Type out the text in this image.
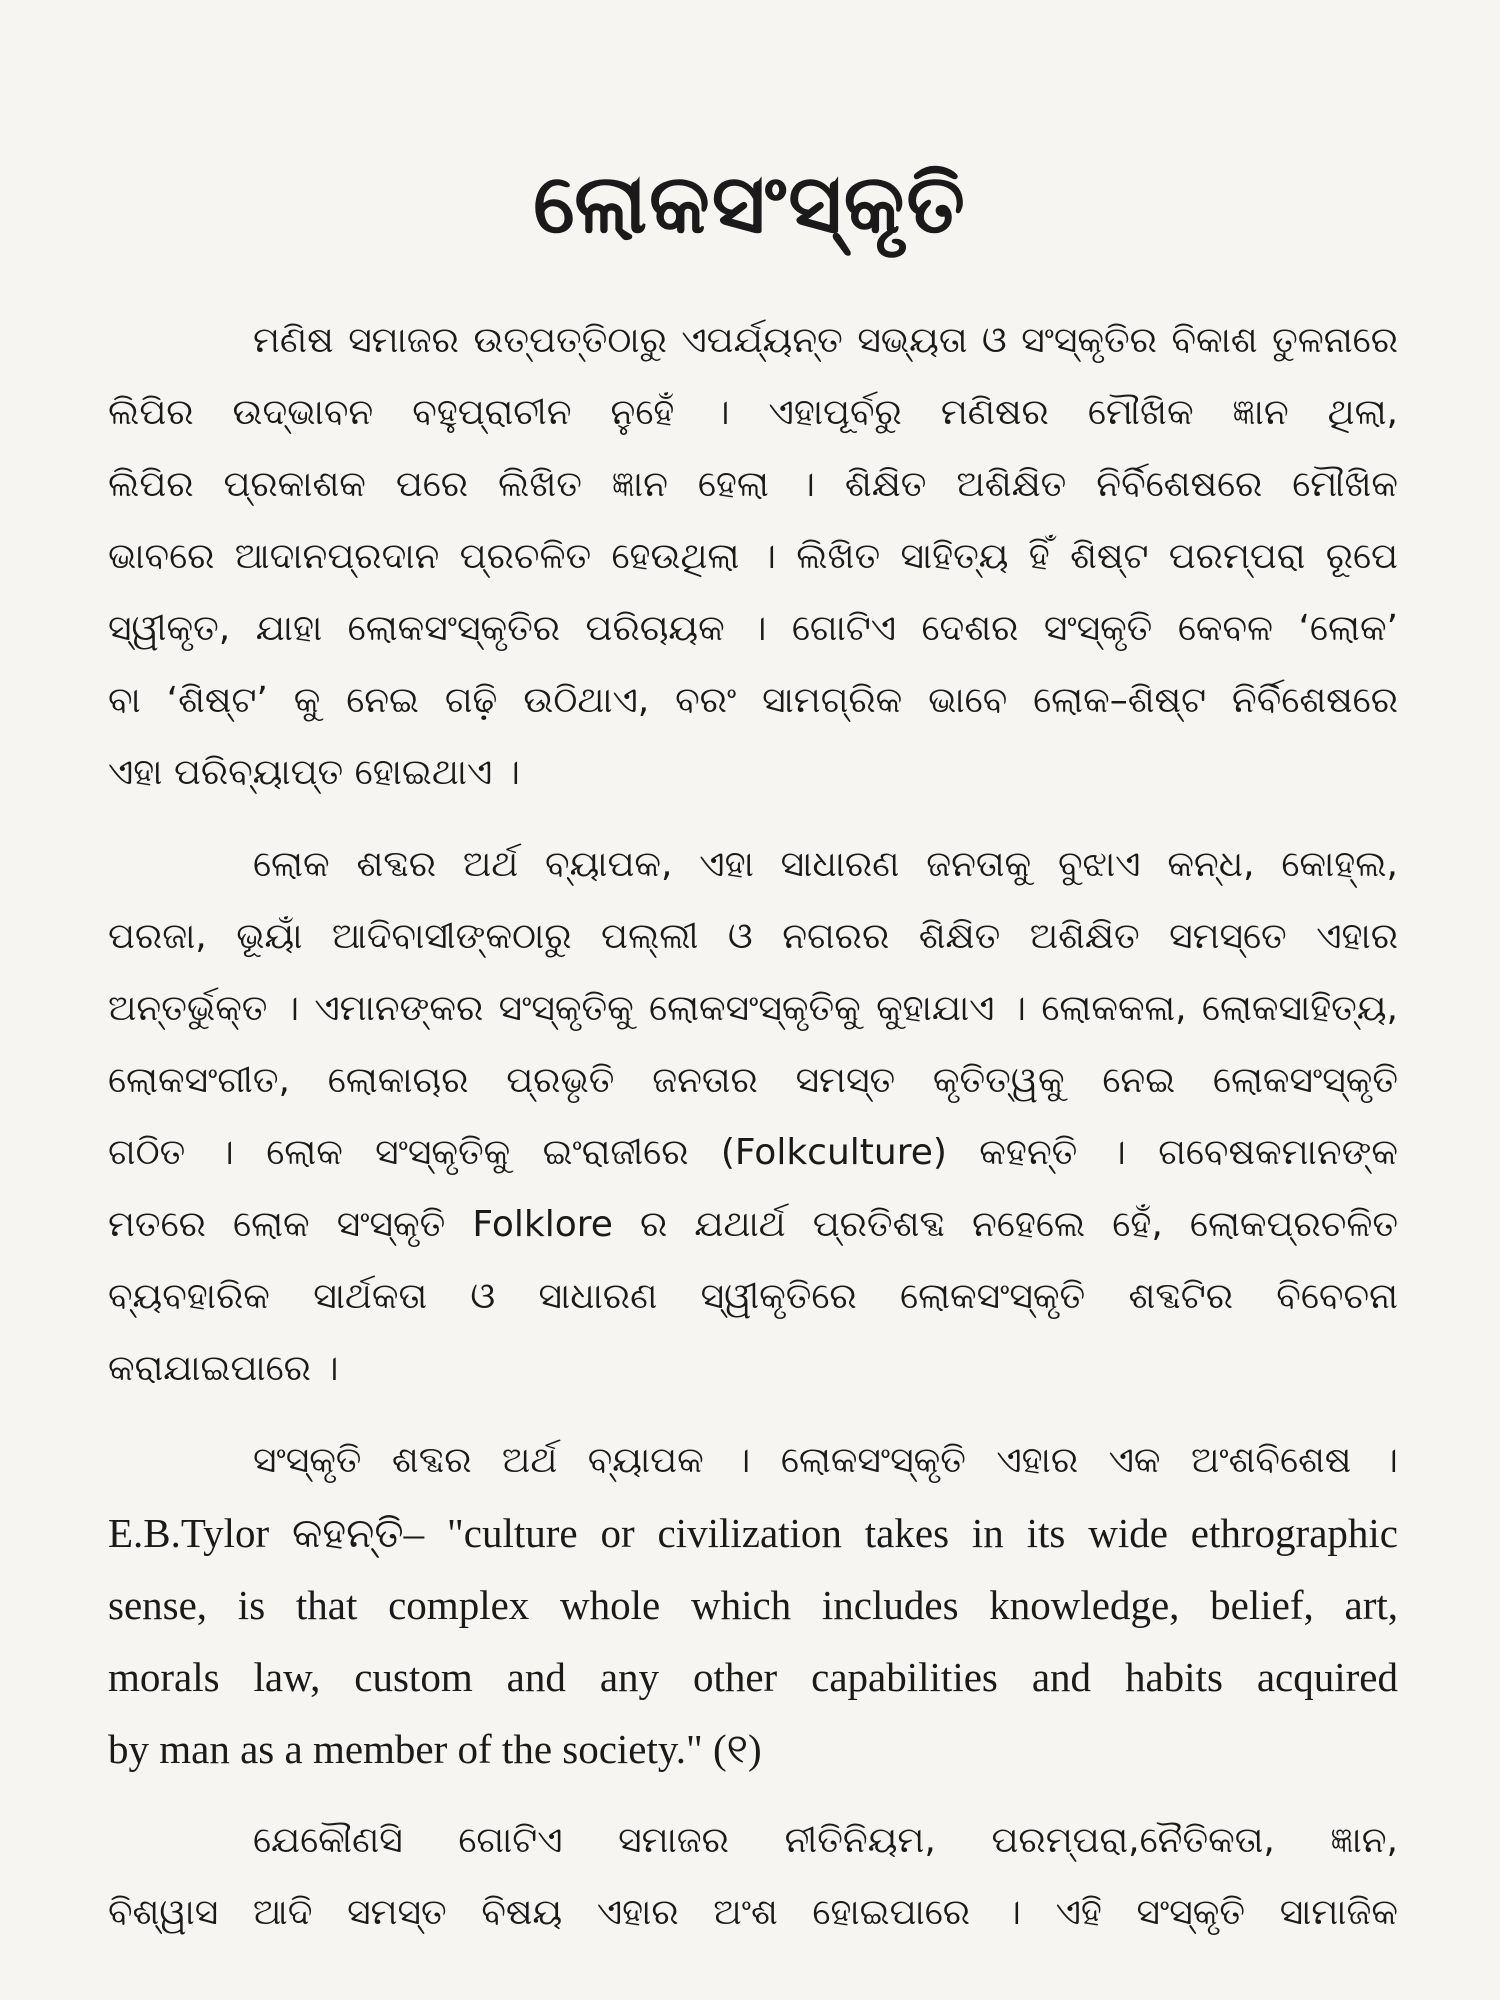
ଲୋକସଂସ୍କୃତି
ମଣିଷ ସମାଜର ଉତ୍ପତ୍ତିଠାରୁ ଏପର୍ଯ୍ୟନ୍ତ ସଭ୍ୟତା ଓ ସଂସ୍କୃତିର ବିକାଶ ତୁଳନାରେ
ଲିପିର ଉଦ୍ଭାବନ ବହୁପ୍ରାଚୀନ ନୁହେଁ । ଏହାପୂର୍ବରୁ ମଣିଷର ମୌଖିକ ଜ୍ଞାନ ଥିଲା,
ଲିପିର ପ୍ରକାଶକ ପରେ ଲିଖିତ ଜ୍ଞାନ ହେଲା । ଶିକ୍ଷିତ ଅଶିକ୍ଷିତ ନିର୍ବିଶେଷରେ ମୌଖିକ
ଭାବରେ ଆଦାନପ୍ରଦାନ ପ୍ରଚଳିତ ହେଉଥିଲା । ଲିଖିତ ସାହିତ୍ୟ ହିଁ ଶିଷ୍ଟ ପରମ୍ପରା ରୂପେ
ସ୍ୱୀକୃତ, ଯାହା ଲୋକସଂସ୍କୃତିର ପରିଚାୟକ । ଗୋଟିଏ ଦେଶର ସଂସ୍କୃତି କେବଳ ‘ଲୋକ’
ବା ‘ଶିଷ୍ଟ’ କୁ ନେଇ ଗଢ଼ି ଉଠିଥାଏ, ବରଂ ସାମଗ୍ରିକ ଭାବେ ଲୋକ–ଶିଷ୍ଟ ନିର୍ବିଶେଷରେ
ଏହା ପରିବ୍ୟାପ୍ତ ହୋଇଥାଏ ।
ଲୋକ ଶବ୍ଦର ଅର୍ଥ ବ୍ୟାପକ, ଏହା ସାଧାରଣ ଜନତାକୁ ବୁଝାଏ କନ୍ଧ, କୋହ୍ଲ,
ପରଜା, ଭୂୟାଁ ଆଦିବାସୀଙ୍କଠାରୁ ପଲ୍ଲୀ ଓ ନଗରର ଶିକ୍ଷିତ ଅଶିକ୍ଷିତ ସମସ୍ତେ ଏହାର
ଅନ୍ତର୍ଭୁକ୍ତ । ଏମାନଙ୍କର ସଂସ୍କୃତିକୁ ଲୋକସଂସ୍କୃତିକୁ କୁହାଯାଏ । ଲୋକକଳା, ଲୋକସାହିତ୍ୟ,
ଲୋକସଂଗୀତ, ଲୋକାଚାର ପ୍ରଭୃତି ଜନତାର ସମସ୍ତ କୃତିତ୍ୱକୁ ନେଇ ଲୋକସଂସ୍କୃତି
ଗଠିତ । ଲୋକ ସଂସ୍କୃତିକୁ ଇଂରାଜୀରେ (Folkculture) କହନ୍ତି । ଗବେଷକମାନଙ୍କ
ମତରେ ଲୋକ ସଂସ୍କୃତି Folklore ର ଯଥାର୍ଥ ପ୍ରତିଶବ୍ଦ ନହେଲେ ହେଁ, ଲୋକପ୍ରଚଳିତ
ବ୍ୟବହାରିକ ସାର୍ଥକତା ଓ ସାଧାରଣ ସ୍ୱୀକୃତିରେ ଲୋକସଂସ୍କୃତି ଶବ୍ଦଟିର ବିବେଚନା
କରାଯାଇପାରେ ।
ସଂସ୍କୃତି ଶବ୍ଦର ଅର୍ଥ ବ୍ୟାପକ । ଲୋକସଂସ୍କୃତି ଏହାର ଏକ ଅଂଶବିଶେଷ ।
E.B.Tylor କହନ୍ତି– "culture or civilization takes in its wide ethrographic
sense, is that complex whole which includes knowledge, belief, art,
morals law, custom and any other capabilities and habits acquired
by man as a member of the society." (୧)
ଯେକୌଣସି ଗୋଟିଏ ସମାଜର ନୀତିନିୟମ, ପରମ୍ପରା,ନୈତିକତା, ଜ୍ଞାନ,
ବିଶ୍ୱାସ ଆଦି ସମସ୍ତ ବିଷୟ ଏହାର ଅଂଶ ହୋଇପାରେ । ଏହି ସଂସ୍କୃତି ସାମାଜିକ
